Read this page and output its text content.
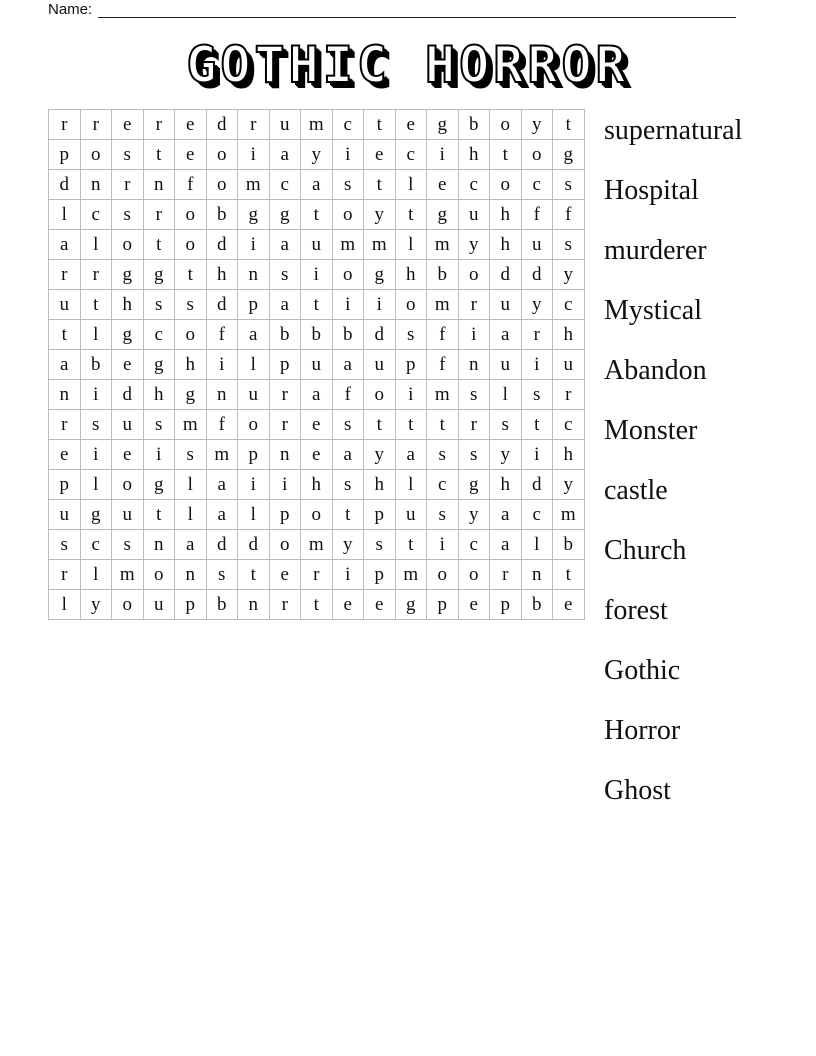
Name:
GOTHIC HORROR
r	r	e	r	e	d	r	u	m	c	t	e	g	b	o	y	t
p	o	s	t	e	o	i	a	y	i	e	c	i	h	t	o	g
d	n	r	n	f	o	m	c	a	s	t	l	e	c	o	c	s
l	c	s	r	o	b	g	g	t	o	y	t	g	u	h	f	f
a	l	o	t	o	d	i	a	u	m	m	l	m	y	h	u	s
r	r	g	g	t	h	n	s	i	o	g	h	b	o	d	d	y
u	t	h	s	s	d	p	a	t	i	i	o	m	r	u	y	c
t	l	g	c	o	f	a	b	b	b	d	s	f	i	a	r	h
a	b	e	g	h	i	l	p	u	a	u	p	f	n	u	i	u
n	i	d	h	g	n	u	r	a	f	o	i	m	s	l	s	r
r	s	u	s	m	f	o	r	e	s	t	t	t	r	s	t	c
e	i	e	i	s	m	p	n	e	a	y	a	s	s	y	i	h
p	l	o	g	l	a	i	i	h	s	h	l	c	g	h	d	y
u	g	u	t	l	a	l	p	o	t	p	u	s	y	a	c	m
s	c	s	n	a	d	d	o	m	y	s	t	i	c	a	l	b
r	l	m	o	n	s	t	e	r	i	p	m	o	o	r	n	t
l	y	o	u	p	b	n	r	t	e	e	g	p	e	p	b	e
supernatural
Hospital
murderer
Mystical
Abandon
Monster
castle
Church
forest
Gothic
Horror
Ghost
